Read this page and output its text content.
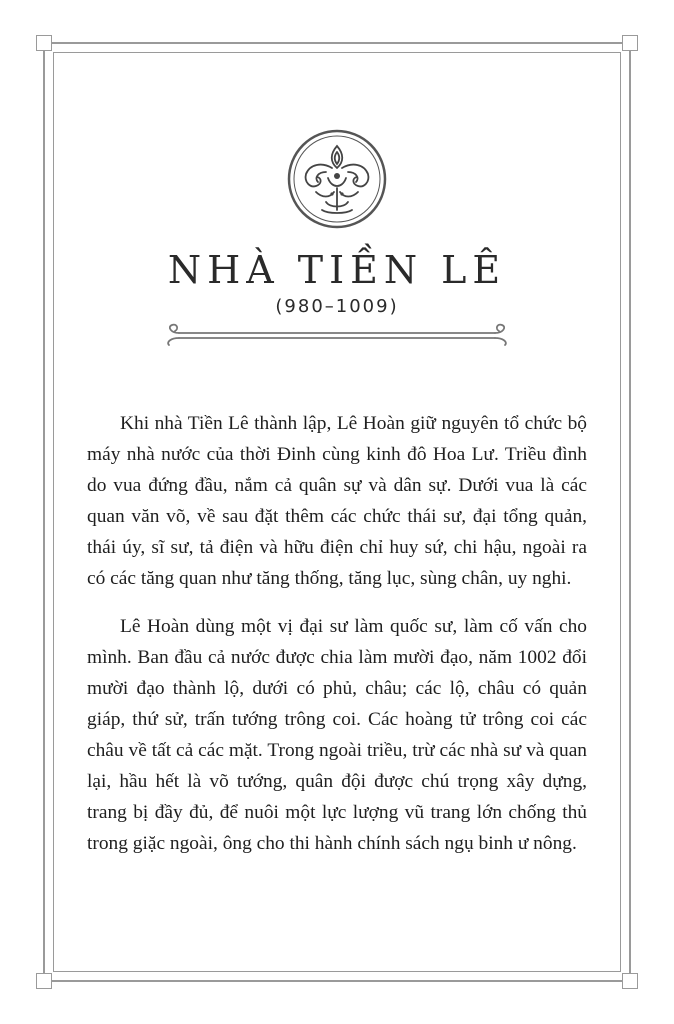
NHÀ TIỀN LÊ
(980–1009)

Khi nhà Tiền Lê thành lập, Lê Hoàn giữ nguyên tổ chức bộ máy nhà nước của thời Đinh cùng kinh đô Hoa Lư. Triều đình do vua đứng đầu, nắm cả quân sự và dân sự. Dưới vua là các quan văn võ, về sau đặt thêm các chức thái sư, đại tổng quản, thái úy, sĩ sư, tả điện và hữu điện chỉ huy sứ, chi hậu, ngoài ra có các tăng quan như tăng thống, tăng lục, sùng chân, uy nghi.

Lê Hoàn dùng một vị đại sư làm quốc sư, làm cố vấn cho mình. Ban đầu cả nước được chia làm mười đạo, năm 1002 đổi mười đạo thành lộ, dưới có phủ, châu; các lộ, châu có quản giáp, thứ sử, trấn tướng trông coi. Các hoàng tử trông coi các châu về tất cả các mặt. Trong ngoài triều, trừ các nhà sư và quan lại, hầu hết là võ tướng, quân đội được chú trọng xây dựng, trang bị đầy đủ, để nuôi một lực lượng vũ trang lớn chống thủ trong giặc ngoài, ông cho thi hành chính sách ngụ binh ư nông.
